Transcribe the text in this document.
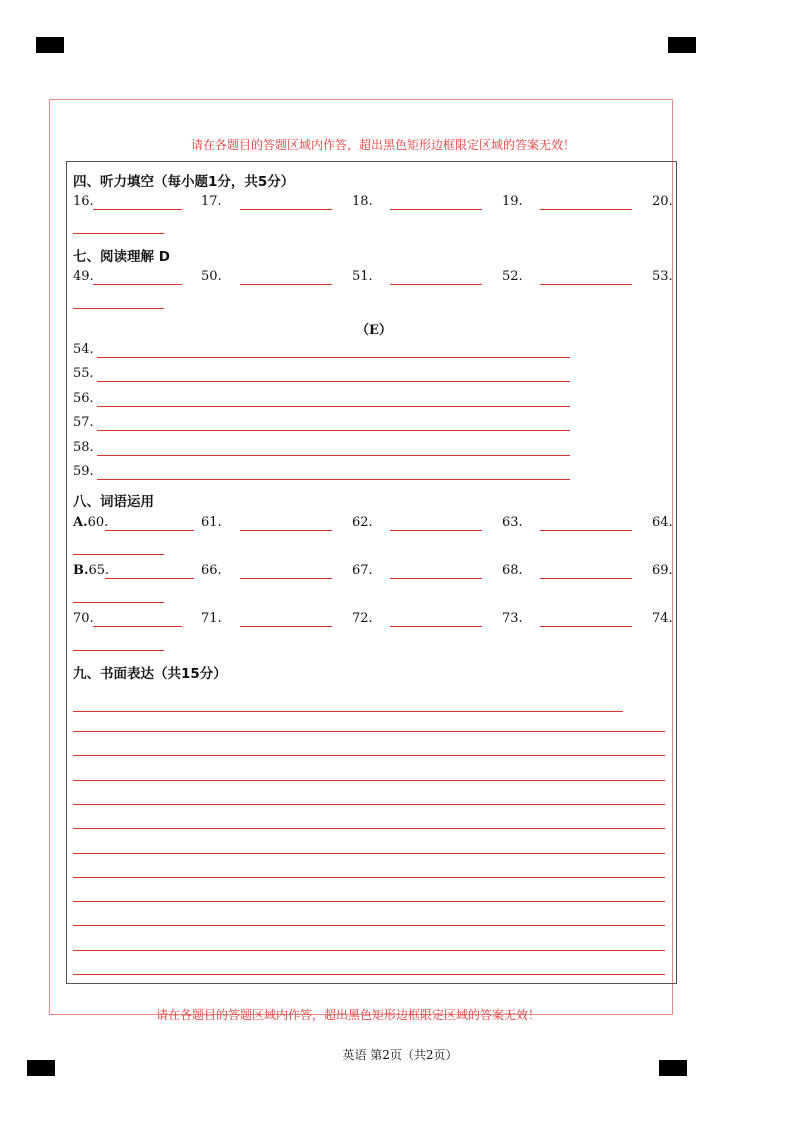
请在各题目的答题区域内作答，超出黑色矩形边框限定区域的答案无效！
四、听力填空（每小题1分，共5分）
16.	17.	18.	19.	20.
七、阅读理解 D
49.	50.	51.	52.	53.
（E）
54.
55.
56.
57.
58.
59.
八、词语运用
A.60.	61.	62.	63.	64.
B.65.	66.	67.	68.	69.
70.	71.	72.	73.	74.
九、书面表达（共15分）
请在各题目的答题区域内作答，超出黑色矩形边框限定区域的答案无效！
英语 第2页（共2页）
